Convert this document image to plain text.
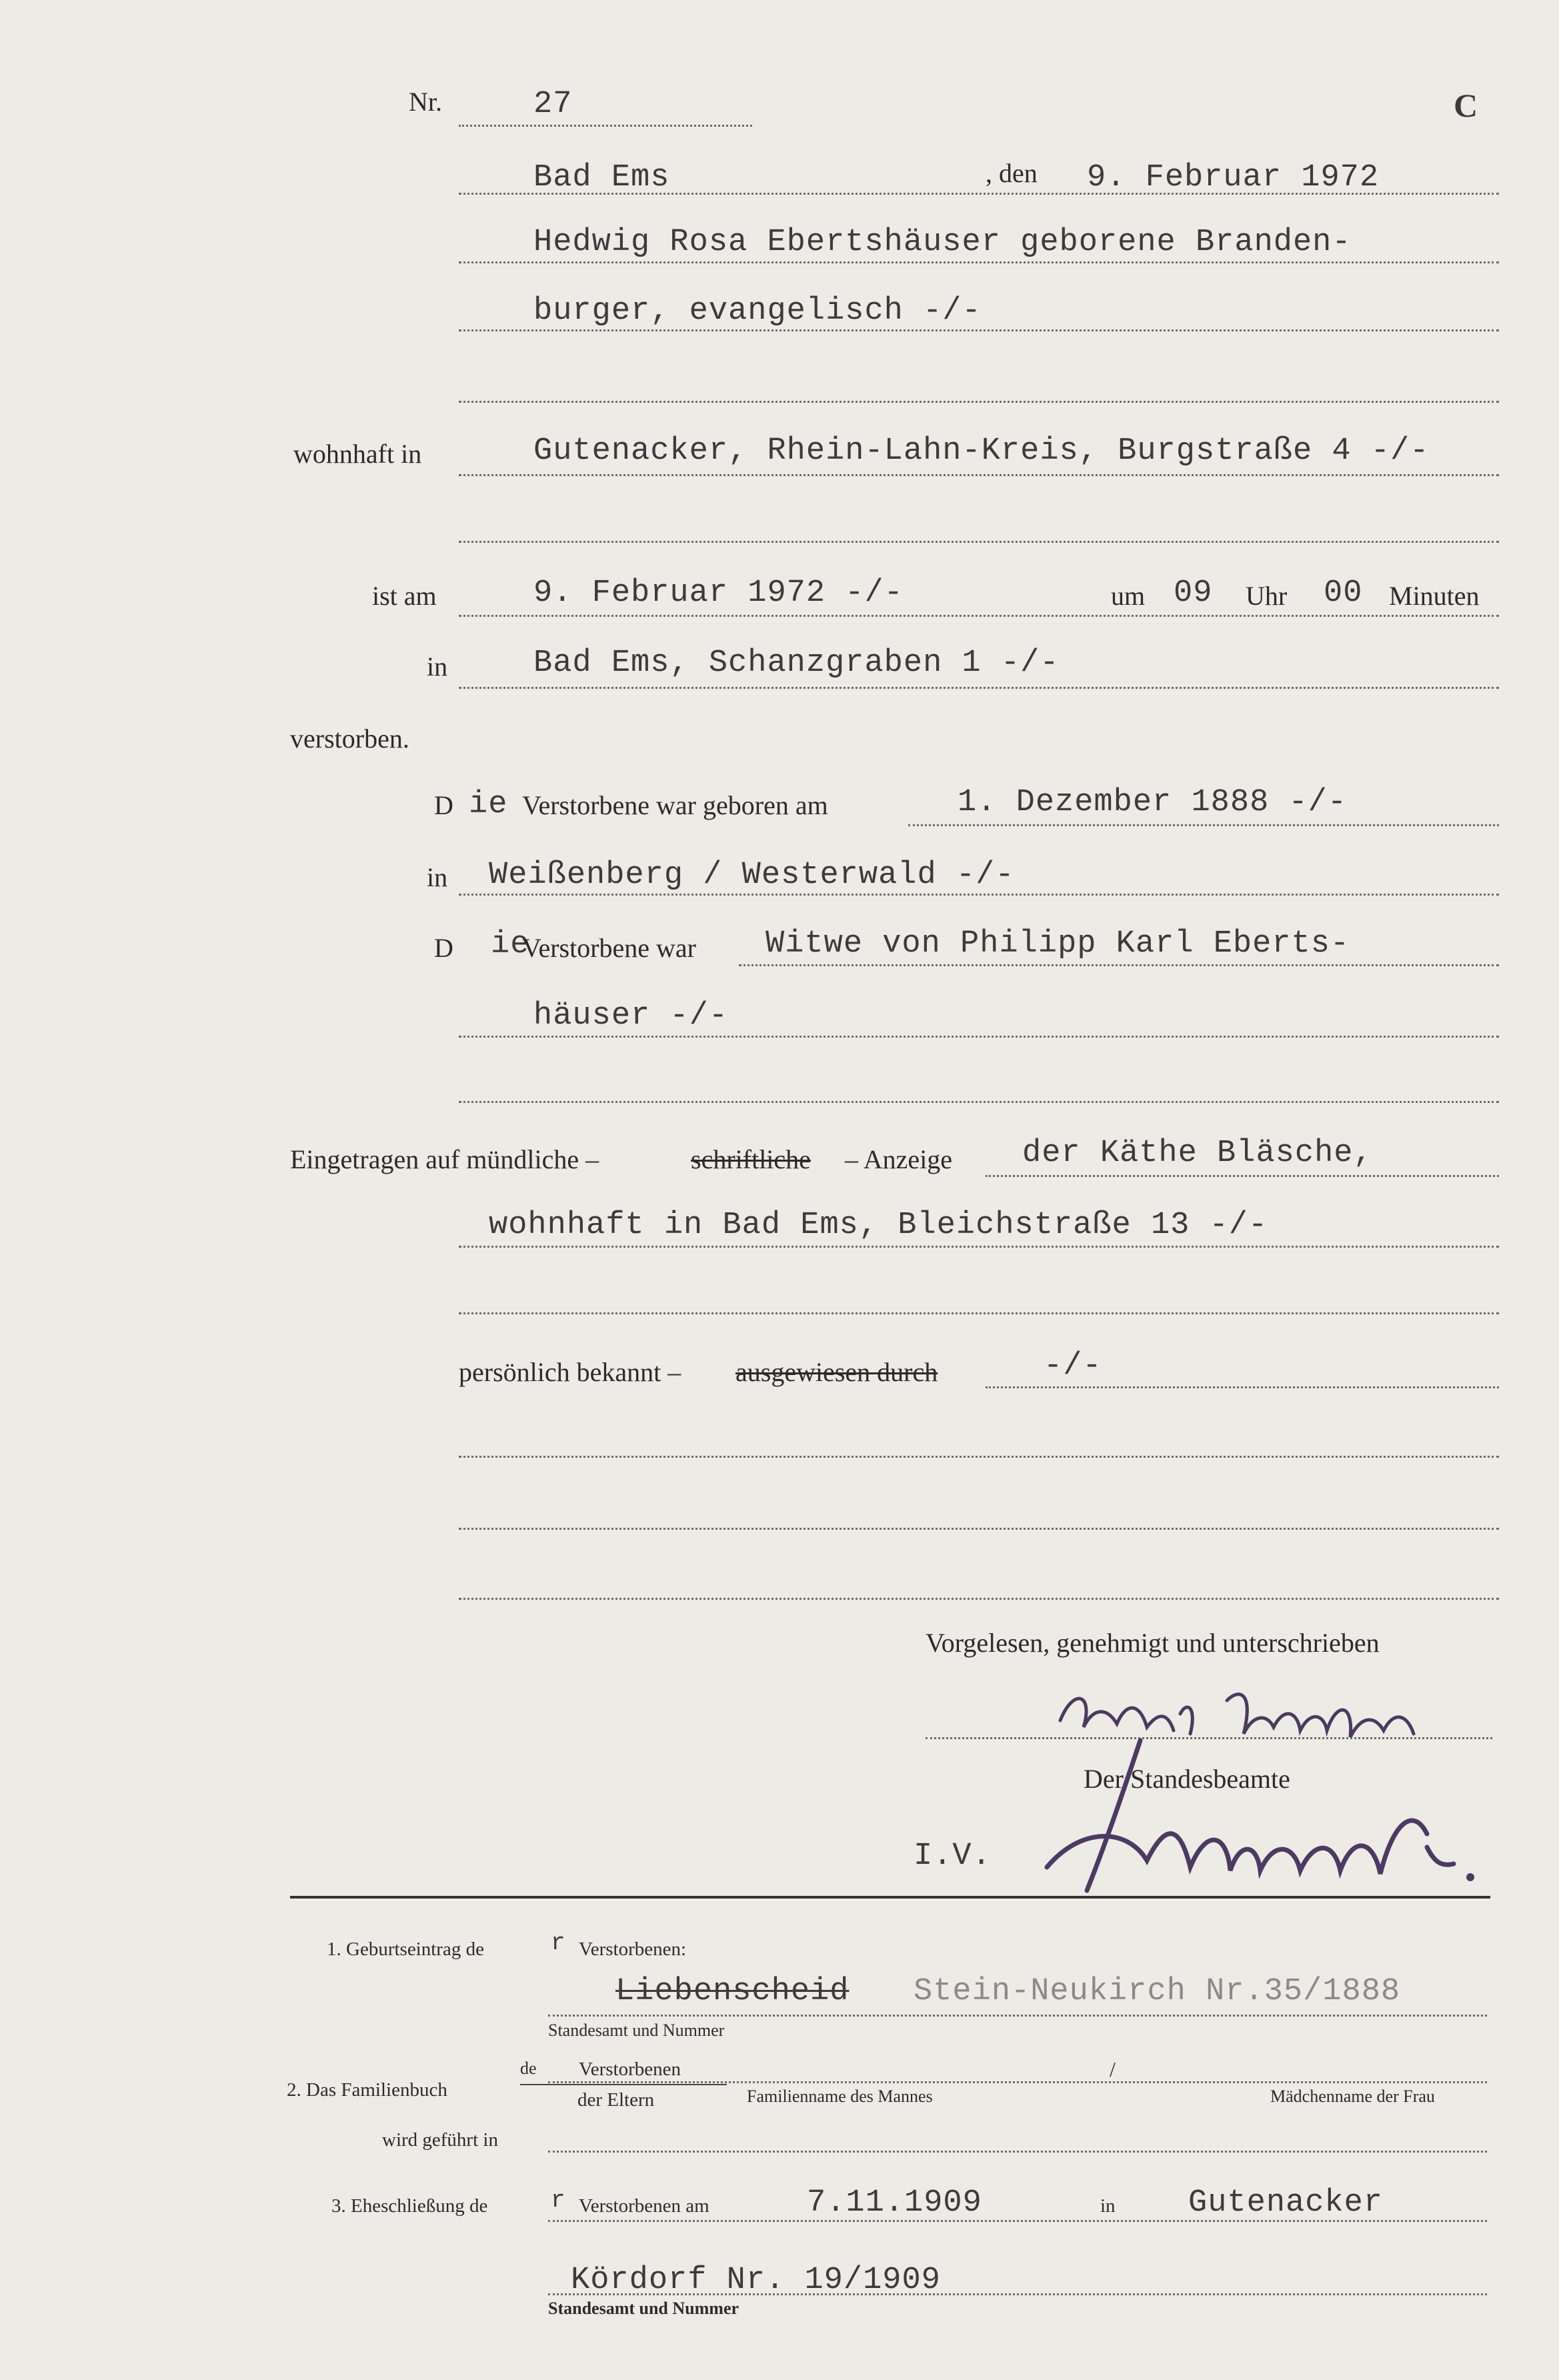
Nr.	27	C
Bad Ems	, den 9. Februar 1972
Hedwig Rosa Ebertshäuser geborene Branden-
burger, evangelisch -/-
wohnhaft in	Gutenacker, Rhein-Lahn-Kreis, Burgstraße 4 -/-
ist am	9. Februar 1972 -/-	um 09 Uhr 00 Minuten
in	Bad Ems, Schanzgraben 1 -/-
verstorben.
D ie Verstorbene war geboren am	1. Dezember 1888 -/-
in Weißenberg / Westerwald -/-
D ie
Verstorbene war Witwe von Philipp Karl Eberts-
häuser -/-
Eingetragen auf mündliche –	schriftliche – Anzeige der Käthe Bläsche,
wohnhaft in Bad Ems, Bleichstraße 13 -/-
persönlich bekannt – ausgewiesen durch	-/-
Vorgelesen, genehmigt und unterschrieben
Der Standesbeamte
I.V.
1. Geburtseintrag de	r Verstorbenen:
Liebenscheid Stein-Neukirch Nr.35/1888
Standesamt und Nummer
de Verstorbenen	/
2. Das Familienbuch	der Eltern	Familienname des Mannes	Mädchenname der Frau
wird geführt in
3. Eheschließung de	r Verstorbenen am	7.11.1909	in Gutenacker
Kördorf Nr. 19/1909
Standesamt und Nummer
